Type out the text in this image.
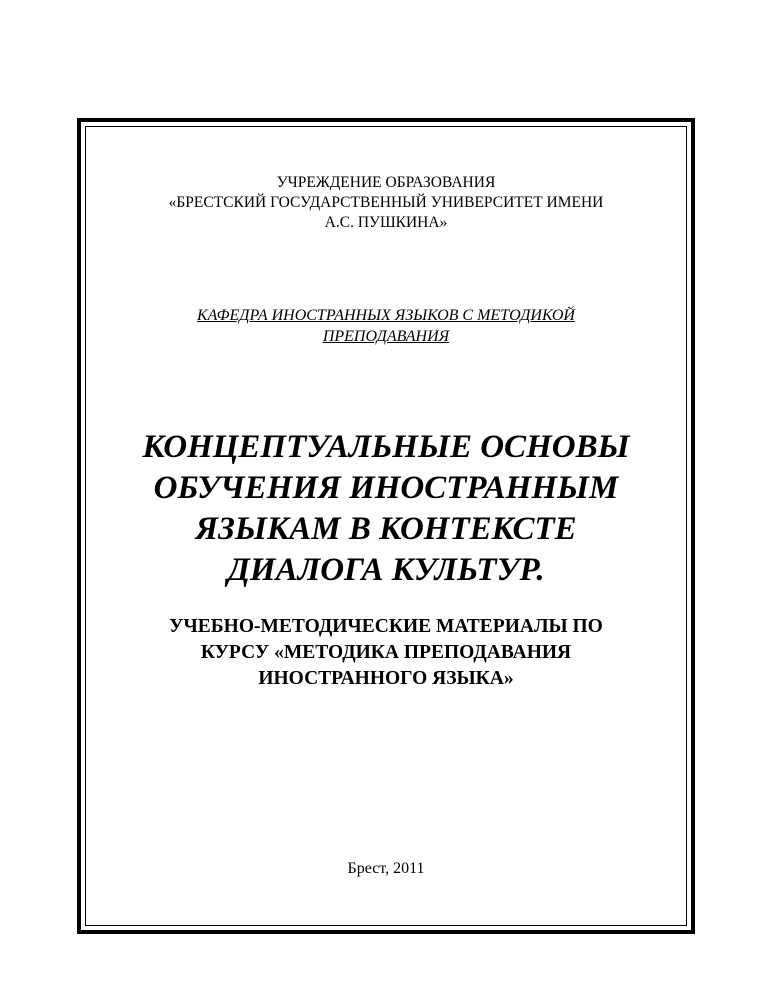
УЧРЕЖДЕНИЕ ОБРАЗОВАНИЯ
«БРЕСТСКИЙ ГОСУДАРСТВЕННЫЙ УНИВЕРСИТЕТ ИМЕНИ
А.С. ПУШКИНА»
КАФЕДРА ИНОСТРАННЫХ ЯЗЫКОВ С МЕТОДИКОЙ
ПРЕПОДАВАНИЯ
КОНЦЕПТУАЛЬНЫЕ ОСНОВЫ
ОБУЧЕНИЯ ИНОСТРАННЫМ
ЯЗЫКАМ В КОНТЕКСТЕ
ДИАЛОГА КУЛЬТУР.
УЧЕБНО-МЕТОДИЧЕСКИЕ МАТЕРИАЛЫ ПО
КУРСУ «МЕТОДИКА ПРЕПОДАВАНИЯ
ИНОСТРАННОГО ЯЗЫКА»
Брест, 2011
